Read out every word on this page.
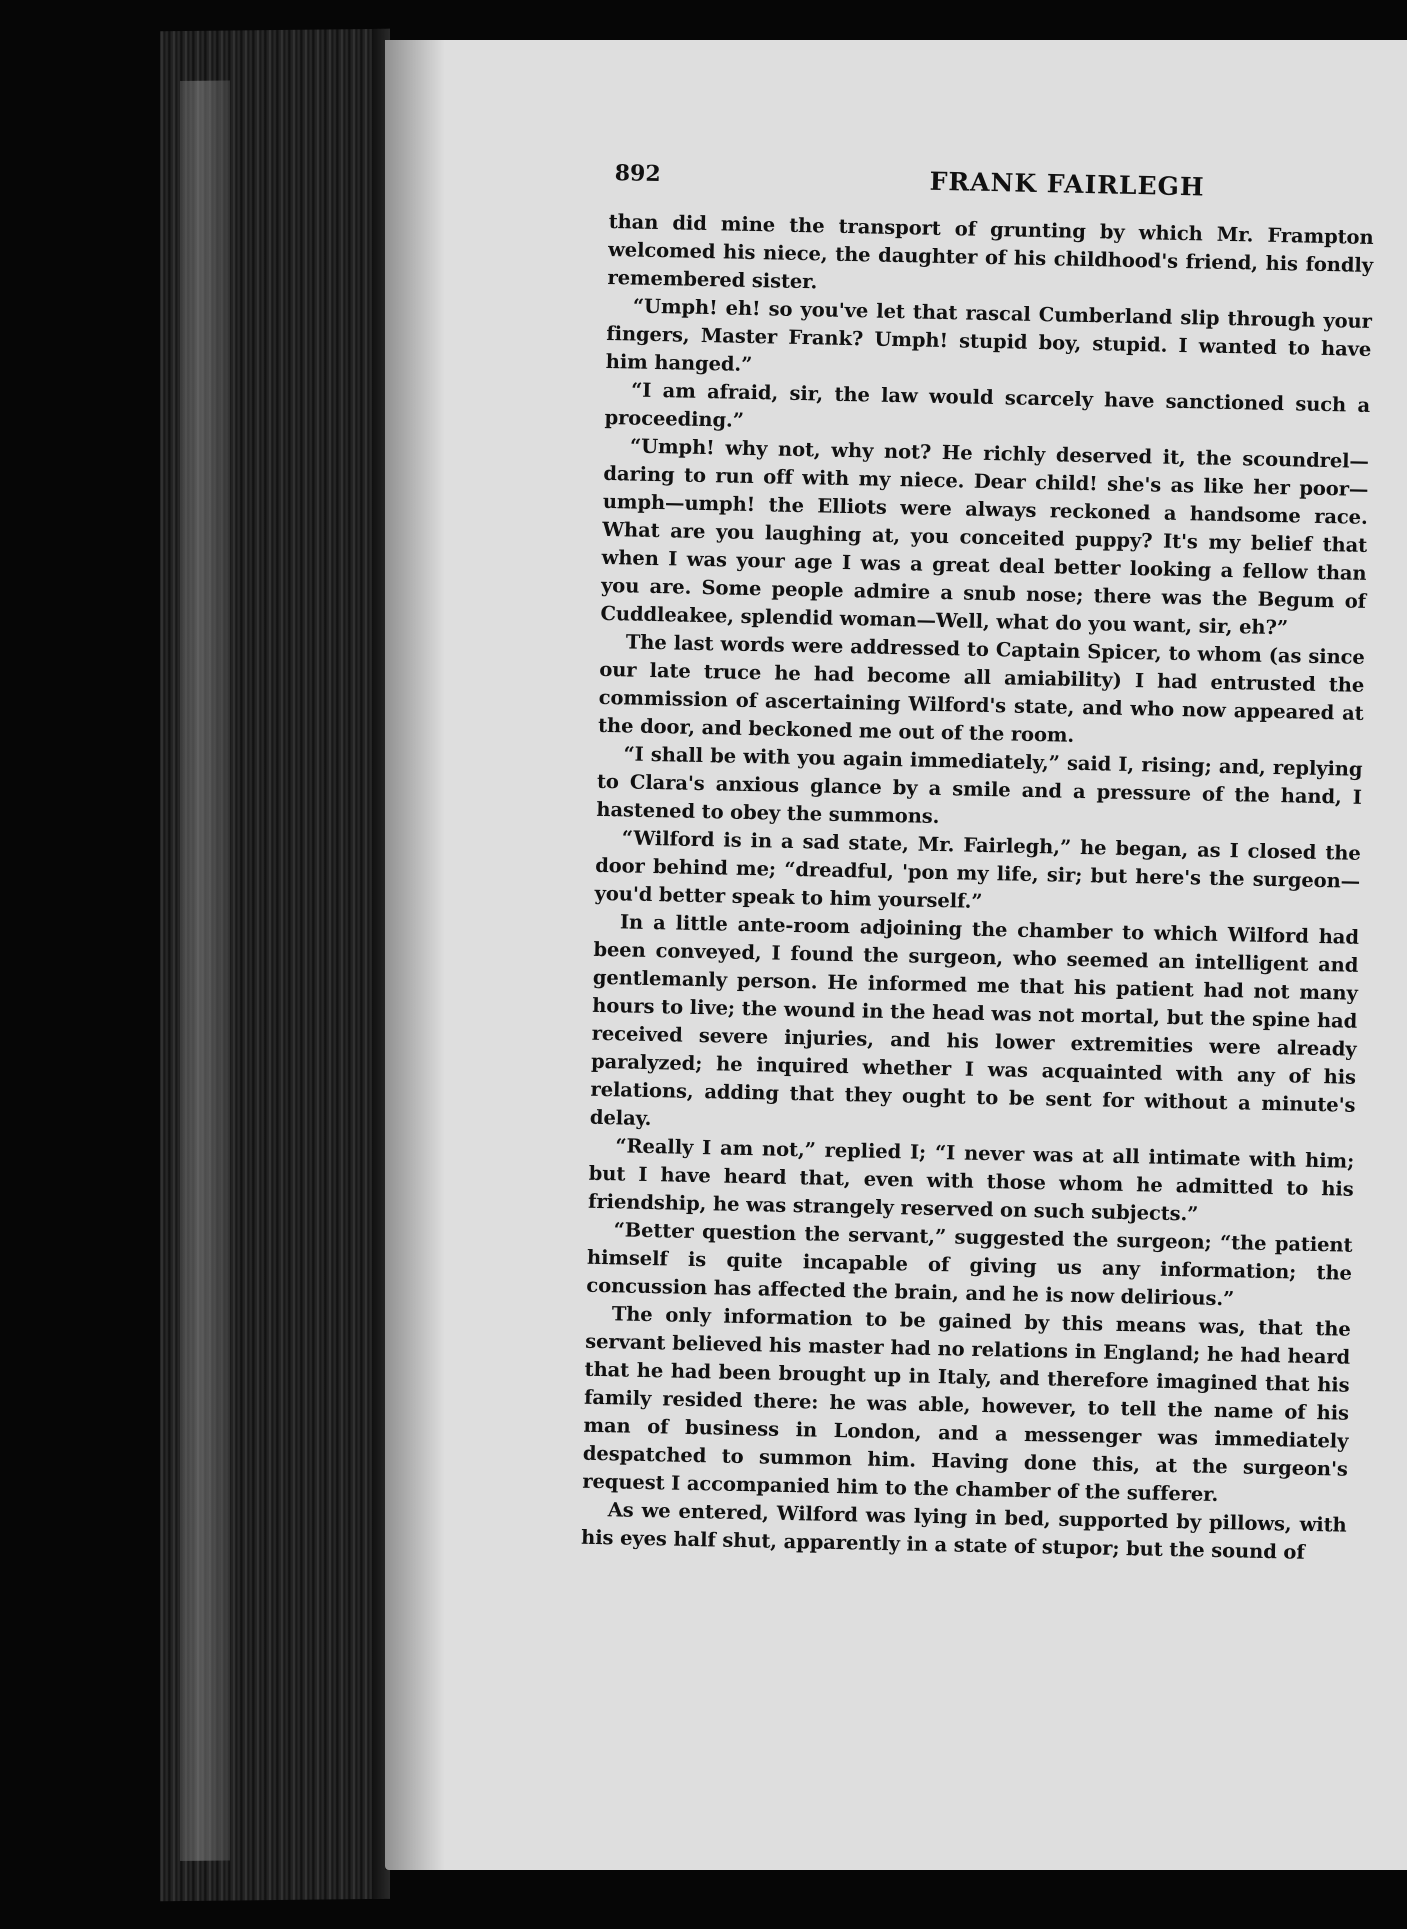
892	FRANK FAIRLEGH

than did mine the transport of grunting by which Mr. Frampton welcomed his niece, the daughter of his childhood's friend, his fondly remembered sister.

“Umph! eh! so you've let that rascal Cumberland slip through your fingers, Master Frank? Umph! stupid boy, stupid. I wanted to have him hanged.”

“I am afraid, sir, the law would scarcely have sanctioned such a proceeding.”

“Umph! why not, why not? He richly deserved it, the scoundrel—daring to run off with my niece. Dear child! she's as like her poor—umph—umph! the Elliots were always reckoned a handsome race. What are you laughing at, you conceited puppy? It's my belief that when I was your age I was a great deal better looking a fellow than you are. Some people admire a snub nose; there was the Begum of Cuddleakee, splendid woman—Well, what do you want, sir, eh?”

The last words were addressed to Captain Spicer, to whom (as since our late truce he had become all amiability) I had entrusted the commission of ascertaining Wilford's state, and who now appeared at the door, and beckoned me out of the room.

“I shall be with you again immediately,” said I, rising; and, replying to Clara's anxious glance by a smile and a pressure of the hand, I hastened to obey the summons.

“Wilford is in a sad state, Mr. Fairlegh,” he began, as I closed the door behind me; “dreadful, 'pon my life, sir; but here's the surgeon—you'd better speak to him yourself.”

In a little ante-room adjoining the chamber to which Wilford had been conveyed, I found the surgeon, who seemed an intelligent and gentlemanly person. He informed me that his patient had not many hours to live; the wound in the head was not mortal, but the spine had received severe injuries, and his lower extremities were already paralyzed; he inquired whether I was acquainted with any of his relations, adding that they ought to be sent for without a minute's delay.

“Really I am not,” replied I; “I never was at all intimate with him; but I have heard that, even with those whom he admitted to his friendship, he was strangely reserved on such subjects.”

“Better question the servant,” suggested the surgeon; “the patient himself is quite incapable of giving us any information; the concussion has affected the brain, and he is now delirious.”

The only information to be gained by this means was, that the servant believed his master had no relations in England; he had heard that he had been brought up in Italy, and therefore imagined that his family resided there: he was able, however, to tell the name of his man of business in London, and a messenger was immediately despatched to summon him. Having done this, at the surgeon's request I accompanied him to the chamber of the sufferer.

As we entered, Wilford was lying in bed, supported by pillows, with his eyes half shut, apparently in a state of stupor; but the sound of
